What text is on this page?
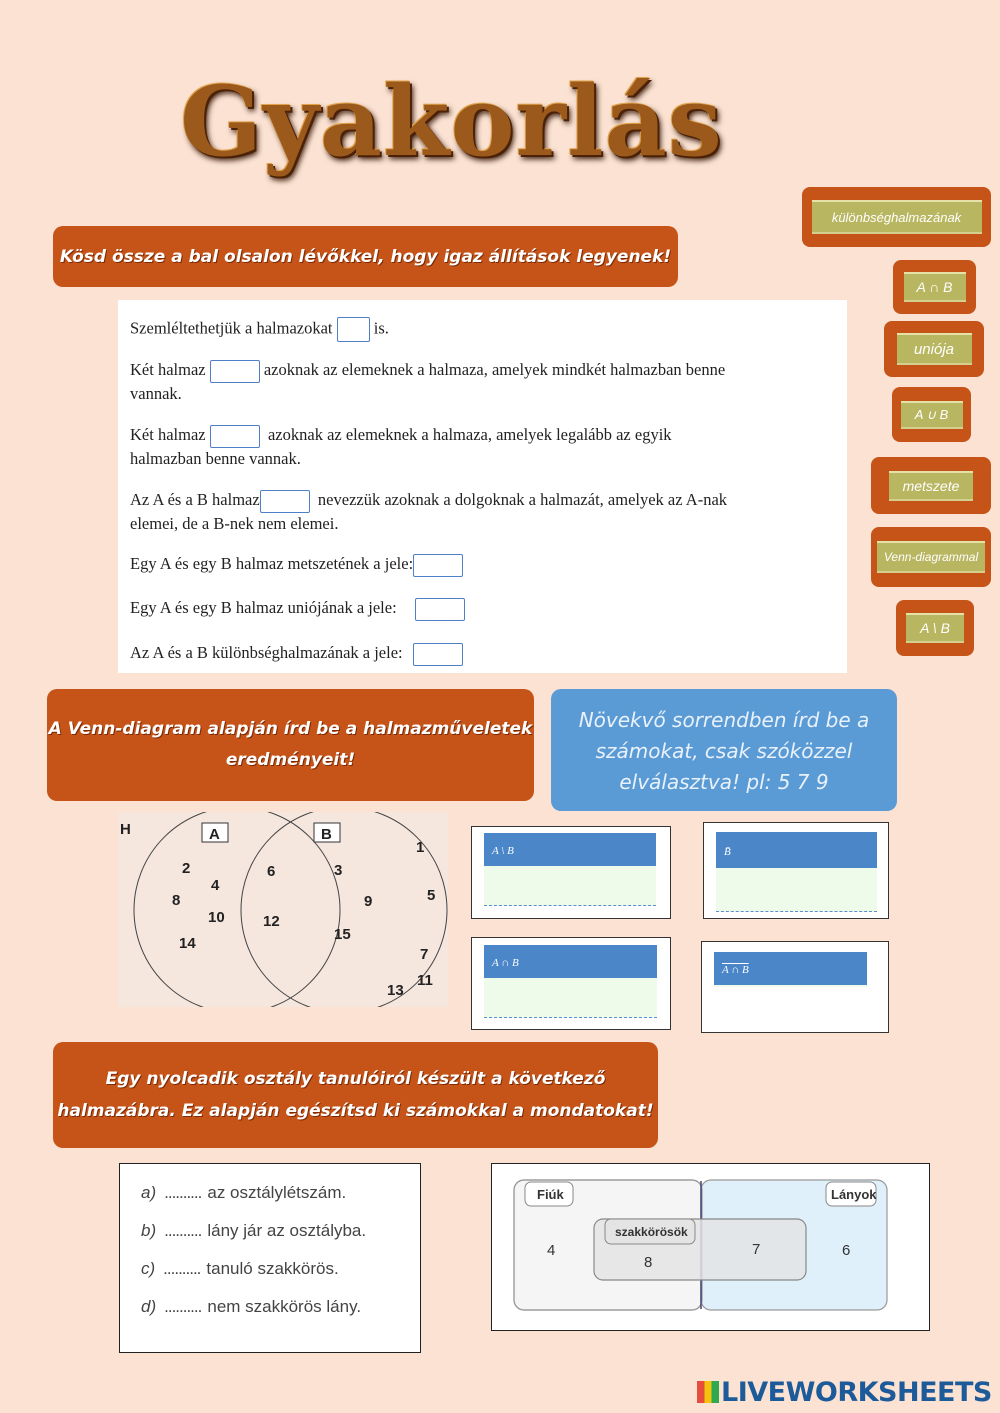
Gyakorlás
Kösd össze a bal olsalon lévőkkel, hogy igaz állítások legyenek!
Szemléltethetjük a halmazokat	is.
Két halmaz	azoknak az elemeknek a halmaza, amelyek mindkét halmazban benne
vannak.
Két halmaz	azoknak az elemeknek a halmaza, amelyek legalább az egyik
halmazban benne vannak.
Az A és a B halmaz	nevezzük azoknak a dolgoknak a halmazát, amelyek az A-nak
elemei, de a B-nek nem elemei.
Egy A és egy B halmaz metszetének a jele:
Egy A és egy B halmaz uniójának a jele:
Az A és a B különbséghalmazának a jele:
különbséghalmazának
A ∩ B
uniója
A ∪ B
metszete
Venn-diagrammal
A \ B
A Venn-diagram alapján írd be a halmazműveletek
eredményeit!
Növekvő sorrendben írd be a számokat, csak szóközzel elválasztva! pl: 5 7 9
H	A	B
2
4
8
10
14
6
12
3
9
15
1
5
7
11
13
A \ B	B̄
A ∩ B
A ∩ B
Egy nyolcadik osztály tanulóiról készült a következő
halmazábra. Ez alapján egészítsd ki számokkal a mondatokat!
a) .......... az osztálylétszám.
b) .......... lány jár az osztályba.
c) .......... tanuló szakkörös.
d) .......... nem szakkörös lány.
Fiúk	Lányok
szakkörösök
4
8
7	6
LIVEWORKSHEETS
